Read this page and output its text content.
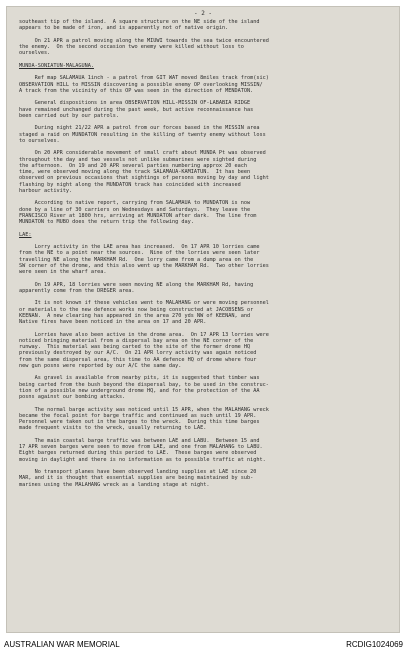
- 2 -
southeast tip of the island.  A square structure on the NE side of the island
appears to be made of iron, and is apparently not of native origin.

On 21 APR a patrol moving along the MIUWI towards the sea twice encountered
the enemy.  On the second occasion two enemy were killed without loss to
ourselves.

MUNDA-SONIATUN-MALAGUNA.

Ref map SALAMAUA 1inch - a patrol from GIT WAT moved 8miles track from(sic)
OBSERVATION HILL to MISSIN discovering a possible enemy OP overlooking MISSIN/
A track from the vicinity of this OP was seen in the direction of MENDATON.

General dispositions in area OBSERVATION HILL-MISSIN OF-LABABIA RIDGE
have remained unchanged during the past week, but active reconnaissance has
been carried out by our patrols.

During night 21/22 APR a patrol from our forces based in the MISSIN area
staged a raid on MUNDATON resulting in the killing of twenty enemy without loss
to ourselves.

On 20 APR considerable movement of small craft about MUNDA Pt was observed
throughout the day and two vessels not unlike submarines were sighted during
the afternoon.  On 19 and 20 APR several parties numbering approx 20 each
time, were observed moving along the track SALAMAUA-KAMIATUN.  It has been
observed on previous occasions that sightings of persons moving by day and light
flashing by night along the MUNDATON track has coincided with increased
harbour activity.

According to native report, carrying from SALAMAUA to MUNDATON is now
done by a line of 30 carriers on Wednesdays and Saturdays.  They leave the
FRANCISCO River at 1800 hrs, arriving at MUNDATON after dark.  The line from
MUNDATON to MUBO does the return trip the following day.

LAE:

Lorry activity in the LAE area has increased.  On 17 APR 10 lorries came
from the NE to a point near the sources.  Nine of the lorries were seen later
travelling NE along the MARKHAM Rd.  One lorry came from a dump area on the
SW corner of the drome, and this also went up the MARKHAM Rd.  Two other lorries
were seen in the wharf area.

On 19 APR, 18 lorries were seen moving NE along the MARKHAM Rd, having
apparently come from the DREGER area.

It is not known if these vehicles went to MALAHANG or were moving personnel
or materials to the new defence works now being constructed at JACOBSENS or
KEENAN.  A new clearing has appeared in the area 270 yds NW of KEENAN, and
Native fires have been noticed in the area on 17 and 20 APR.

Lorries have also been active in the drome area.  On 17 APR 13 lorries were
noticed bringing material from a dispersal bay area on the NE corner of the
runway.  This material was being carted to the site of the former drome HQ
previously destroyed by our A/C.  On 21 APR lorry activity was again noticed
from the same dispersal area, this time to AA defence HQ of drome where four
new gun posns were reported by our A/C the same day.

As gravel is available from nearby pits, it is suggested that timber was
being carted from the bush beyond the dispersal bay, to be used in the construc-
tion of a possible new underground drome HQ, and for the protection of the AA
posns against our bombing attacks.

The normal barge activity was noticed until 15 APR, when the MALAHANG wreck
became the focal point for barge traffic and continued as such until 19 APR.
Personnel were taken out in the barges to the wreck.  During this time barges
made frequent visits to the wreck, usually returning to LAE.

The main coastal barge traffic was between LAE and LABU.  Between 15 and
17 APR seven barges were seen to move from LAE, and one from MALAHANG to LABU.
Eight barges returned during this period to LAE.  These barges were observed
moving in daylight and there is no information as to possible traffic at night.

No transport planes have been observed landing supplies at LAE since 20
MAR, and it is thought that essential supplies are being maintained by sub-
marines using the MALAHANG wreck as a landing stage at night.
AUSTRALIAN WAR MEMORIAL	RCDIG1024069
